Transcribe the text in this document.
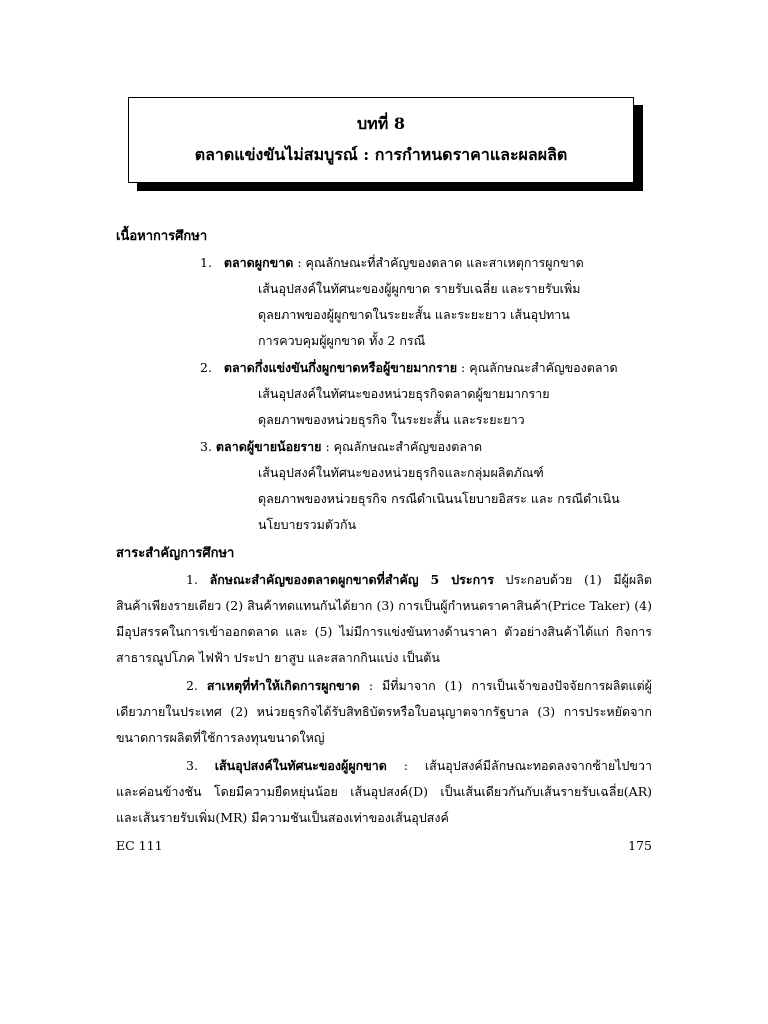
บทที่ 8
ตลาดแข่งขันไม่สมบูรณ์ : การกำหนดราคาและผลผลิต
เนื้อหาการศึกษา
1. ตลาดผูกขาด : คุณลักษณะที่สำคัญของตลาด และสาเหตุการผูกขาด
เส้นอุปสงค์ในทัศนะของผู้ผูกขาด รายรับเฉลี่ย และรายรับเพิ่ม
ดุลยภาพของผู้ผูกขาดในระยะสั้น และระยะยาว เส้นอุปทาน
การควบคุมผู้ผูกขาด ทั้ง 2 กรณี
2. ตลาดกึ่งแข่งขันกึ่งผูกขาดหรือผู้ขายมากราย : คุณลักษณะสำคัญของตลาด
เส้นอุปสงค์ในทัศนะของหน่วยธุรกิจตลาดผู้ขายมากราย
ดุลยภาพของหน่วยธุรกิจ ในระยะสั้น และระยะยาว
3. ตลาดผู้ขายน้อยราย : คุณลักษณะสำคัญของตลาด
เส้นอุปสงค์ในทัศนะของหน่วยธุรกิจและกลุ่มผลิตภัณฑ์
ดุลยภาพของหน่วยธุรกิจ กรณีดำเนินนโยบายอิสระ และ กรณีดำเนิน
นโยบายรวมตัวกัน
สาระสำคัญการศึกษา
1. ลักษณะสำคัญของตลาดผูกขาดที่สำคัญ 5 ประการ ประกอบด้วย (1) มีผู้ผลิต
สินค้าเพียงรายเดียว (2) สินค้าทดแทนกันได้ยาก (3) การเป็นผู้กำหนดราคาสินค้า(Price Taker) (4)
มีอุปสรรคในการเข้าออกตลาด และ (5) ไม่มีการแข่งขันทางด้านราคา ตัวอย่างสินค้าได้แก่ กิจการ
สาธารณูปโภค ไฟฟ้า ประปา ยาสูบ และสลากกินแบ่ง เป็นต้น
2. สาเหตุที่ทำให้เกิดการผูกขาด : มีที่มาจาก (1) การเป็นเจ้าของปัจจัยการผลิตแต่ผู้
เดียวภายในประเทศ (2) หน่วยธุรกิจได้รับสิทธิบัตรหรือใบอนุญาตจากรัฐบาล (3) การประหยัดจาก
ขนาดการผลิตที่ใช้การลงทุนขนาดใหญ่
3. เส้นอุปสงค์ในทัศนะของผู้ผูกขาด : เส้นอุปสงค์มีลักษณะทอดลงจากซ้ายไปขวา
และค่อนข้างชัน โดยมีความยืดหยุ่นน้อย เส้นอุปสงค์(D) เป็นเส้นเดียวกันกับเส้นรายรับเฉลี่ย(AR)
และเส้นรายรับเพิ่ม(MR) มีความชันเป็นสองเท่าของเส้นอุปสงค์
EC 111	175
